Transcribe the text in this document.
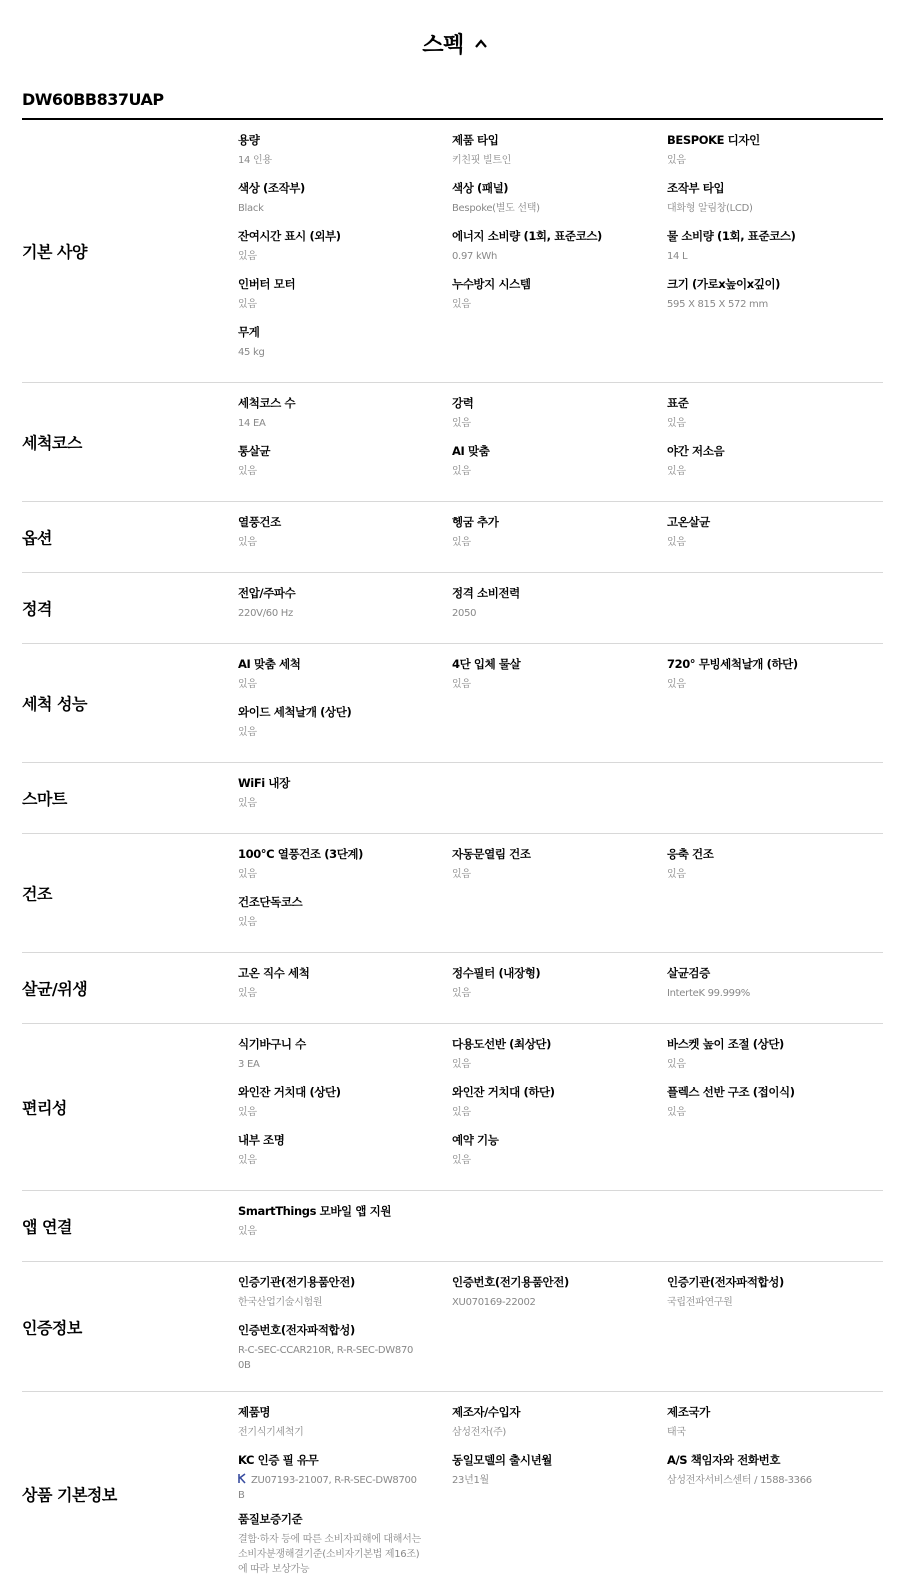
스펙
DW60BB837UAP
기본 사양
용량
14 인용
제품 타입
키친핏 빌트인
BESPOKE 디자인
있음
색상 (조작부)
Black
색상 (패널)
Bespoke(별도 선택)
조작부 타입
대화형 알림창(LCD)
잔여시간 표시 (외부)
있음
에너지 소비량 (1회, 표준코스)
0.97 kWh
물 소비량 (1회, 표준코스)
14 L
인버터 모터
있음
누수방지 시스템
있음
크기 (가로x높이x깊이)
595 X 815 X 572 mm
무게
45 kg
세척코스
세척코스 수
14 EA
강력
있음
표준
있음
통살균
있음
AI 맞춤
있음
야간 저소음
있음
옵션
열풍건조
있음
헹굼 추가
있음
고온살균
있음
정격
전압/주파수
220V/60 Hz
정격 소비전력
2050
세척 성능
AI 맞춤 세척
있음
4단 입체 물살
있음
720° 무빙세척날개 (하단)
있음
와이드 세척날개 (상단)
있음
스마트
WiFi 내장
있음
건조
100°C 열풍건조 (3단계)
있음
자동문열림 건조
있음
응축 건조
있음
건조단독코스
있음
살균/위생
고온 직수 세척
있음
정수필터 (내장형)
있음
살균검증
IntertеK 99.999%
편리성
식기바구니 수
3 EA
다용도선반 (최상단)
있음
바스켓 높이 조절 (상단)
있음
와인잔 거치대 (상단)
있음
와인잔 거치대 (하단)
있음
플렉스 선반 구조 (접이식)
있음
내부 조명
있음
예약 기능
있음
앱 연결
SmartThings 모바일 앱 지원
있음
인증정보
인증기관(전기용품안전)
한국산업기술시험원
인증번호(전기용품안전)
XU070169-22002
인증기관(전자파적합성)
국립전파연구원
인증번호(전자파적합성)
R-C-SEC-CCAR210R, R-R-SEC-DW870
0B
상품 기본정보
제품명
전기식기세척기
제조자/수입자
삼성전자(주)
제조국가
태국
KC 인증 필 유무
ZU07193-21007, R-R-SEC-DW8700
B
동일모델의 출시년월
23년1월
A/S 책임자와 전화번호
삼성전자서비스센터 / 1588-3366
품질보증기준
결함·하자 등에 따른 소비자피해에 대해서는
소비자분쟁해결기준(소비자기본법 제16조)
에 따라 보상가능
